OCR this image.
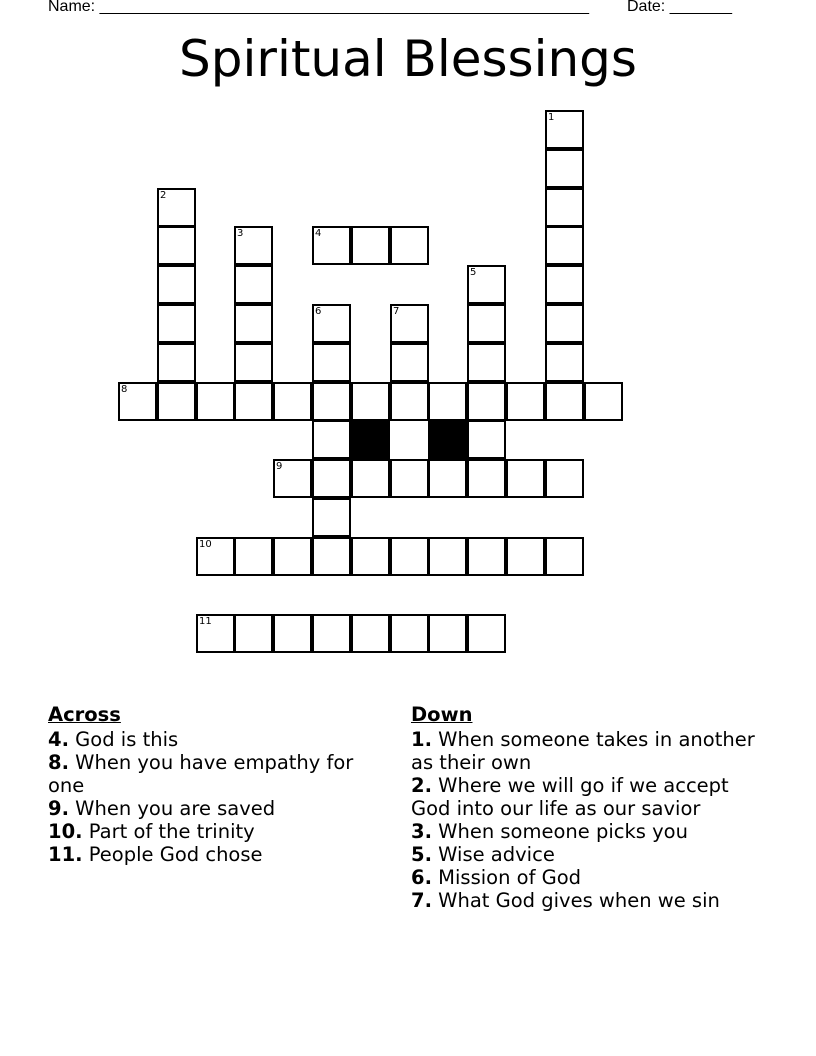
Name: _______________________________________________________ Date: _______
Spiritual Blessings
1
2
3	4
5
6	7
8
9
10
11
Across
4. God is this
8. When you have empathy for one
9. When you are saved
10. Part of the trinity
11. People God chose
Down
1. When someone takes in another as their own
2. Where we will go if we accept God into our life as our savior
3. When someone picks you
5. Wise advice
6. Mission of God
7. What God gives when we sin
